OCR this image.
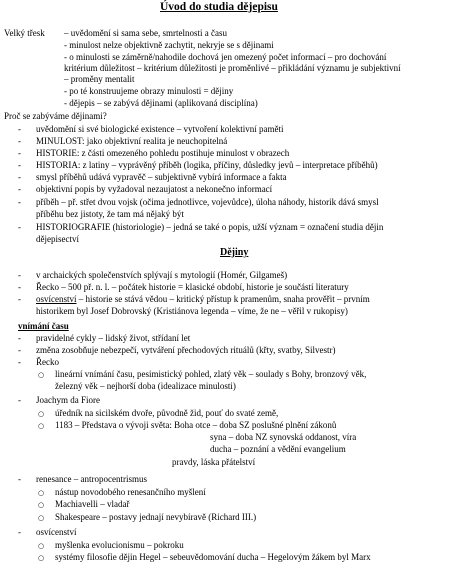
Úvod do studia dějepisu
Velký třesk – uvědomění si sama sebe, smrtelnosti a času
- minulost nelze objektivně zachytit, nekryje se s dějinami
- o minulosti se záměrně/nahodile dochová jen omezený počet informací – pro dochování
kritérium důležitost – kritérium důležitosti je proměnlivé – přikládání významu je subjektivní
– proměny mentalit
- po té konstruujeme obrazy minulosti = dějiny
- dějepis – se zabývá dějinami (aplikovaná disciplína)
Proč se zabýváme dějinami?
- uvědomění si své biologické existence – vytvoření kolektivní paměti
- MINULOST: jako objektivní realita je neuchopitelná
- HISTORIE: z části omezeného pohledu postihuje minulost v obrazech
- HISTORIA: z latiny – vyprávěný příběh (logika, příčiny, důsledky jevů – interpretace příběhů)
- smysl příběhů udává vypravěč – subjektivně vybírá informace a fakta
- objektivní popis by vyžadoval nezaujatost a nekonečno informací
- příběh – př. střet dvou vojsk (očima jednotlivce, vojevůdce), úloha náhody, historik dává smysl
příběhu bez jistoty, že tam má nějaký být
- HISTORIOGRAFIE (historiologie) – jedná se také o popis, užší význam = označení studia dějin
dějepisectví
Dějiny
- v archaických společenstvích splývají s mytologií (Homér, Gilgameš)
- Řecko – 500 př. n. l. – počátek historie = klasické období, historie je součástí literatury
- osvícenství – historie se stává vědou – kritický přístup k pramenům, snaha prověřit – prvním
historikem byl Josef Dobrovský (Kristiánova legenda – víme, že ne – věřil v rukopisy)
vnímání času
- pravidelné cykly – lidský život, střídaní let
- změna zosobňuje nebezpečí, vytváření přechodových rituálů (křty, svatby, Silvestr)
- Řecko
○ lineární vnímání času, pesimistický pohled, zlatý věk – soulady s Bohy, bronzový věk,
železný věk – nejhorší doba (idealizace minulosti)
- Joachym da Fiore
○ úředník na sicilském dvoře, původně žid, pouť do svaté země,
○ 1183 – Představa o vývoji světa: Boha otce – doba SZ poslušné plnění zákonů
syna – doba NZ synovská oddanost, víra
ducha – poznání a vědění evangelium
pravdy, láska přátelství
- renesance – antropocentrismus
○ nástup novodobého renesančního myšlení
○ Machiavelli – vladař
○ Shakespeare – postavy jednají nevybíravě (Richard III.)
- osvícenství
○ myšlenka evolucionismu – pokroku
○ systémy filosofie dějin Hegel – sebeuvědomování ducha – Hegelovým žákem byl Marx
